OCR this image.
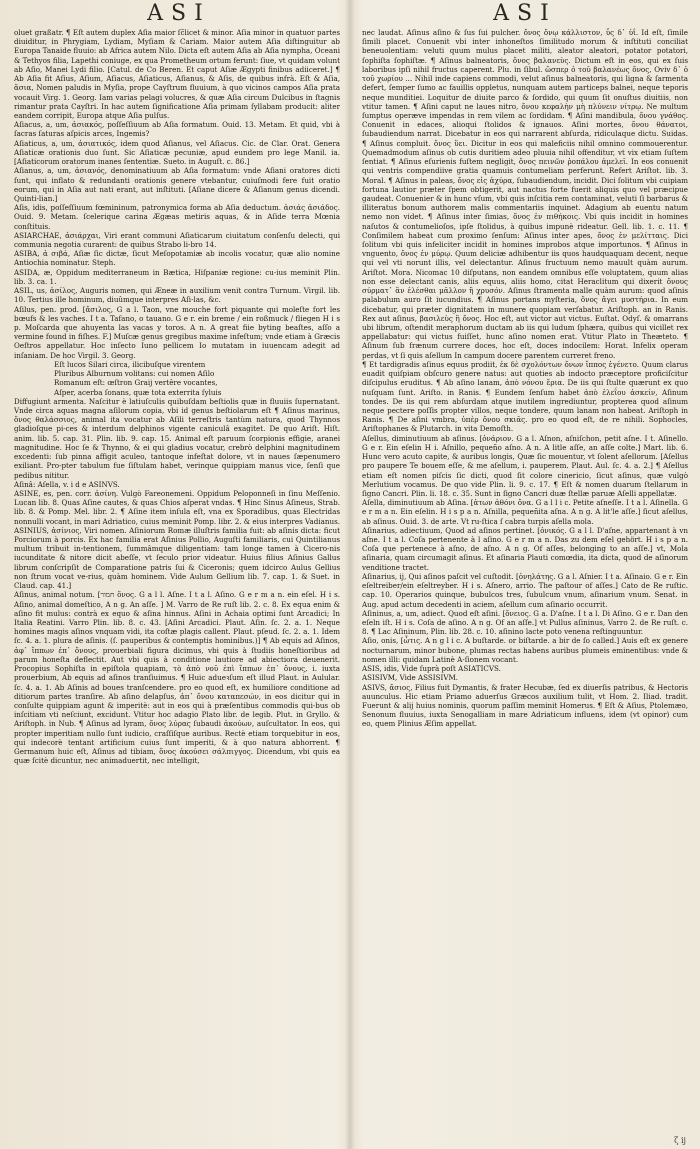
ASI	ASI

oluet graßatr. ¶ Eſt autem duplex Aſia maior ſc̃licet & minor. Aſia minor in quatuor partes diuiditur, in Phrygiam, Lydiam, Myſiam & Cariam. Maior autem Aſia diſtinguitur ab Europa Tanaide fluuio: ab Africa autem Nilo. Dicta eſt autem Aſia ab Aſia nympha, Oceani & Tethyos filia, Lapethi coniuge, ex qua Prometheum ortum ferunt: ſiue, vt quidam volunt ab Aſio, Manei Lydi filio. [Catul. de Co Beren. Et caput Aſiæ Ægypti finibus adiiceret.] ¶ Ab Aſia fit Aſius, Aſium, Aſiacus, Aſiaticus, Aſianus, & Aſis, de quibus infrà. Eſt & Aſia, ἄσια, Nomen paludis in Myſia, prope Cayſtrum fluuium, à quo vicinos campos Aſia prata vocauit Virg. 1. Georg. Iam varias pelagi volucres, & quæ Aſia circum Dulcibus in ſtagnis rimantur prata Cayſtri. In hac autem ſignificatione Aſia primam ſyllabam producit: aliter eandem corripit, Europa atque Aſia pulſus.

Aſiacus, a, um, ἀσιακός, poſſeſſiuum ab Aſia formatum. Ouid. 13. Metam. Et quid, vbi à ſacras ſaturas aſpicis arces, Ingemis?

Aſiaticus, a, um, ἀσιατικός, idem quod Aſianus, vel Aſiacus. Cic. de Clar. Orat. Genera Aſiaticæ orationis duo ſunt. Sic Aſiaticæ pecuniæ, apud eundem pro lege Manil. ia. [Aſiaticorum oratorum inanes ſententiæ. Sueto. in Auguſt. c. 86.]

Aſianus, a, um, ἀσιανός, denominatiuum ab Aſia formatum: vnde Aſiani oratores dicti ſunt, qui inflato & redundanti orationis genere vtebantur, cuiuſmodi fere fuit oratio eorum, qui in Aſia aut nati erant, aut inſtituti. [Aſiane dicere & Aſianum genus dicendi. Quinti-lian.]

Aſis, idis, poſſeſſiuum fœmininum, patronymica forma ab Aſia deductum. ἀσιάς ἀσιάδος. Ouid. 9. Metam. ſcelerique carina Ægæas metiris aquas, & in Aſide terra Mœnia conſtituis.

ASIARCHAE, ἀσιάρχαι, Viri erant communi Aſiaticarum ciuitatum conſenſu delecti, qui communia negotia curarent: de quibus Strabo li-bro 14.

ASIBA, ἀ σιβά, Aſiæ ſic dictæ, ſicut Meſopotamiæ ab incolis vocatur, quæ alio nomine Antiochia nominatur. Steph.

ASIDA, æ, Oppidum mediterraneum in Bætica, Hiſpaniæ regione: cu-ius meminit Plin. lib. 3. ca. 1.

ASIL, us, ἀσίλος, Auguris nomen, qui Æneæ in auxilium venit contra Turnum. Virgil. lib. 10. Tertius ille hominum, diuûmque interpres Aſi-las, &c.

Aſilus, pen. prod. [ἄσιλος, G a l. Taon, vne mouche fort piquante qui moleſte fort les bœufs & les vaches. I t a. Tafano, o tauano. G e r. ein breme / ein roßmuck / fliegen H i s p. Moſcarda que ahuyenta las vacas y toros. A n. A great fiie byting beaſtes, aſſo a vermine found in fiſhes. F.] Muſcæ genus gregibus maxime infeſtum; vnde etiam à Græcis Oeſtros appellatur. Hoc inſecto Iuno pellicem Io mutatam in iuuencam adegit ad inſaniam. De hoc Virgil. 3. Georg.

Eſt lucos Silari circa, ilicibuſque virentem

Pluribus Alburnum volitans: cui nomen Aſilo

Romanum eſt: œſtron Graij vertêre vocantes,

Aſper, acerba ſonans, quæ tota exterrita ſyluis

Diffugiunt armenta. Naſcitur è latiuſculis quibuſdam beſtiolis quæ in fluuiis ſupernatant. Vnde circa aquas magna aſilorum copia, vbi id genus beſtiolarum eſt ¶ Aſinus marinus, ὄνος θαλάσσιος, animal ita vocatur ab Aſili terreſtris tantùm natura, quod Thynnos gladioſque pi-ces & interdum delphinos vigente caniculâ exagitet. De quo Ariſt. Hiſt. anim. lib. 5. cap. 31. Plin. lib. 9. cap. 15. Animal eſt paruum ſcorpionis effigie, aranei magnitudine. Hoc ſe & Thynno, & ei qui gladius vocatur, crebrò delphini magnitudinem excedenti: ſub pinna affigit aculeo, tantoque infeſtat dolore, vt in naues ſæpenumero exiliant. Pro-pter tabulum fue ſiſtulam habet, verinque quippiam manus vice, ſenſi que pedibus nititur.

Aſinâ: Aſella, v. i d e ASINVS.

ASINE, es, pen. corr. ἀσίνη. Vulgò Fareonemeni. Oppidum Peloponneſi in ſinu Meſſenio. Lucan lib. 8. Quas Aſine cautes, & quas Chios aſperat vndas. ¶ Hinc Sinus Aſineus, Strab. lib. 8. & Pomp. Mel. libr. 2. ¶ Aſine item inſula eſt, vna ex Sporadibus, quas Electridas nonnulli vocant, in mari Adriatico, cuius meminit Pomp. libr. 2. & eius interpres Vadianus.

ASINIUS, ἀσίνιος, Viri nomen. Aſiniorum Romæ illuſtris familia fuit: ab aſinis dicta: ficut Porciorum à porcis. Ex hac familia erat Aſinius Pollio, Auguſti familiaris, cui Quintilianus multum tribuit in-tentionem, ſummâmque diligentiam: tam longe tamen à Cicero-nis iucunditate & nitore dicit abeſſe, vt ſeculo prior videatur. Huius filius Aſinius Gallus librum conſcripſit de Comparatione patris ſui & Ciceronis; quem idcirco Aulus Gellius non ſtrum vocat ve-rius, quàm hominem. Vide Aulum Gellium lib. 7. cap. 1. & Suet. in Claud. cap. 41.]

Aſinus, animal notum. [חמור ὄνος. G a l l. Aſne. I t a l. Aſino. G e r m a n. ein eſel. H i s. Aſino, animal domeſtico, A n g. An aſſe. ] M. Varro de Re ruſt lib. 2. c. 8. Ex equa enim & aſino fit mulus: contrà ex equo & aſina hinnus. Aſini in Achaia optimi ſunt Arcadici; In Italia Reatini. Varro Plin. lib. 8. c. 43. [Aſini Arcadici. Plaut. Aſin. ſc. 2. a. 1. Neque homines magis aſinos vnquam vidi, ita coſtæ plagis callent. Plaut. pſeud. ſc. 2. a. 1. Idem ſc. 4. a. 1. plura de aſinis. (ſ. pauperibus & contemptis hominibus.)] ¶ Ab equis ad Aſinos, ἀφ᾽ ἵππων ἐπ᾽ ὄνους, prouerbiali figura dicimus, vbi quis à ſtudiis honeſtioribus ad parum honeſta deflectit. Aut vbi quis à conditione lautiore ad abiectiora deuenerit. Procopius Sophiſta in epiſtola quapiam, τὸ ἀπὸ νοῦ ἐπὶ ἵππων ἐπ᾽ ὄνους, i. iuxta prouerbium, Ab equis ad aſinos tranſiuimus. ¶ Huic adueꝛſum eſt illud Plaut. in Aulular. ſc. 4. a. 1. Ab Aſinis ad boues tranſcendere. pro eo quod eſt, ex humiliore conditione ad ditiorum partes tranſire. Ab aſino delapſus, ἀπ᾽ ὄνου καταπεσών, in eos dicitur qui in conſulte quippiam agunt & imperitè: aut in eos qui à præſentibus commodis qui-bus ob inſcitiam vti neſciunt, excidunt. Vtitur hoc adagio Plato libr. de legib. Plut. in Gryllo. & Ariſtoph. in Nub. ¶ Aſinus ad lyram, ὄνος λύρας ſubaudi ἀκούων, auſcultator. In eos, qui propter imperitiam nullo ſunt iudicio, craſſiſque auribus. Rectè etiam torquebitur in eos, qui indecorè tentant artificium cuius ſunt imperiti, & à quo natura abhorrent. ¶ Germanum huic eſt, Aſinus ad tibiam, ὄνος ἀκούσει σάλπιγγος. Dicendum, vbi quis ea quæ ſcitè dicuntur, nec animaduertit, nec intelligit,

nec laudat. Aſinus aſino & ſus ſui pulcher. ὄνος ὄνῳ κάλλιστον, ὗς δ᾽ ὑΐ. Id eſt, ſimile ſimili placet. Conuenit vbi inter inhoneſtos ſimilitudo morum & inſtituti conciliat beneuolentiam: veluti quum mulus placet militi, aleator aleatori, potator potatori, ſophiſta ſophiſtæ. ¶ Aſinus balneatoris, ὄνος βαλανεὺς. Dictum eſt in eos, qui ex ſuis laboribus ipſi nihil fructus caperent. Plu. in ſibul. ὥσπερ ὁ τοῦ βαλανέως ὄνος, Oviv δ᾽ ὁ τοῦ χωρίου ... Nihil inde capiens commodi, velut aſinus balneatoris, qui ligna & ſarmenta defert, ſemper ſumo ac fauillis oppletus, nunquam autem particeps balnei, neque teporis neque munditiei. Loquitur de diuite parco & ſordido, qui quum ſit onuſtus diuitiis, non vtitur tamen. ¶ Aſini caput ne laues nitro, ὄνου κεφαλὴν μὴ πλύνειν νίτρῳ. Ne multum ſumptus operæve impendas in rem vilem ac ſordidam. ¶ Aſini mandibula, ὄνου γνάθος. Conuenit in edaces, alioqui ſtolidos & ignauos. Aſini mortes, ὄνου θάνατοι, ſubaudiendum narrat. Dicebatur in eos qui narrarent abſurda, ridiculaque dictu. Suidas. ¶ Aſinus compluit. ὄνος ὕει. Dicitur in eos qui maleficiis nihil omnino commouerentur. Quemadmodum aſinus ob cutis duritiem adeo pluuia nihil offenditur, vt vix etiam ſuſtem ſentiat. ¶ Aſinus eſurienis fuſtem negligit, ὄνος πεινῶν ῥοπάλου ἀμελεῖ. In eos conuenit qui ventris compendiive gratia quamuis contumeliam perferunt. Refert Ariſtot. lib. 3. Moral. ¶ Aſinus in paleas, ὄνος εἰς ἀχύρα, ſubaudiendum, incidit. Dici ſolitum vbi cuipiam fortuna lautior præter ſpem obtigerit, aut nactus forte fuerit aliquis quo vel præcipue gaudeat. Conuenier & in hunc vſum, vbi quis inſcitia rem contaminat, veluti ſi barbarus & illiteratus bonum authorem malis commentariis inquinet. Adagium ab euentu natum nemo non videt. ¶ Aſinus inter ſimias, ὄνος ἐν πιθήκοις. Vbi quis incidit in homines naſutos & contumelioſos, ipſe ſtolidus, à quibus impunè rideatur. Gell. lib. 1. c. 11. ¶ Conſimilem habeat cum proximo ſenſum: Aſinus inter apes, ὄνος ἐν μελίτταις. Dici ſolitum vbi quis infeliciter incidit in homines improbos atque importunos. ¶ Aſinus in vnguento, ὄνος ἐν μύρῳ. Quum deliciæ adhibentur iis quos haudquaquam decent, neque qui vel vti norunt illis, vel delectantur. Aſinus fructuum nemo mauult quàm aurum. Ariſtot. Mora. Nicomac 10 diſputans, non eandem omnibus eſſe voluptatem, quum alias non esse delectant canis, aliis equus, aliis homo, citat Heraclitum qui dixerit ὄνους σύρματ᾽ ἂν ἑλέσθαι μᾶλλον ἢ χρυσόν. Aſinus ſtramenta malle quàm aurum: quod aſinis palabulum auro ſit iucundius. ¶ Aſinus portans myſteria, ὄνος ἄγει μυστήρια. In eum dicebatur, qui præter dignitatem in munere quopiam verſabatur. Ariſtoph. an in Ranis. Rex aut aſinus, βασιλεὺς ἢ ὄνος. Hoc eſt, aut victor aut victus. Euſtat. Odyſ. & omarrans ubi librum, oſtendit meraphorum ductam ab iis qui ludum ſphæra, quibus qui vicillet rex appellabatur: qui victus fuiſſet, hunc aſino nomen erat. Vtitur Plato in Theæteto. ¶ Aſinum ſub frænum currere doces, hoc eſt, doces indocilem: Horat. Infelix operam perdas, vt ſi quis aſellum In campum docere parentem curreret freno.

¶ Et tardigradis aſinus equus prodiit, ἐκ δὲ σχολόντων ὄνων ἵππος ἐγένετο. Quum clarus euadit quiſpiam obſcuro genere natus: aut quoties ab indocto præceptore proficiſcitur diſcipulus eruditus. ¶ Ab aſino lanam, ἀπὸ νόνου ἔρια. De iis qui ſtulte quærunt ex quo nuſquam ſunt. Ariſto. in Ranis. ¶ Eundem ſenſum habet ἀπὸ ἐλεΐου ἀσκείν, Aſinum tondes. De iis qui rem abſurdam atque inutilem ingrediuntur, propterea quod aſinum neque pectere poſſis propter villos, neque tondere, quum lanam non habeat. Ariſtoph in Ranis. ¶ De aſini vmbra, ὑπὲρ ὄνου σκιᾶς. pro eo quod eſt, de re nihili. Sophocles, Ariſtophanes & Plutarch. in vita Demoſth.

Aſellus, diminutiuum ab aſinus. [ὀνάριον. G a l. Aſnon, aſniſchon, petit aſne. I t. Aſinello. G e r. Ein eſelin H i. Aſnillo, pequeño aſno. A n. A litle aſſe, an aſſe colte.] Mart. lib. 6. Hunc vero acuto capite, & auribus longis, Quæ ſic mouentur, vt ſolent aſellorum. [Aſellus pro paupere Te bouem eſſe, & me aſellum, i. pauperem. Plaut. Aul. ſc. 4. a. 2.] ¶ Aſellus etiam eſt nomen piſcis ſic dicti, quod ſit colore cinericio, ſicut aſinus, quæ vulgò Merlutium vocamus. De quo vide Plin. li. 9. c. 17. ¶ Eſt & nomen duarum ſtellarum in ſigno Cancri. Plin. li. 18. c. 35. Sunt in ſigno Cancri duæ ſtellæ paruæ Aſelli appellatæ.

Aſella, diminutiuum ab Aſina. [ἀτων ἀθόνι ὄνα. G a l l i c. Petite aſneſſe. I t a l. Aſinella. G e r m a n. Ein eſelin. H i s p a n. Aſnilla, pequeñita aſna. A n g. A lit'le aſſe.] ſicut aſellus, ab aſinus. Ouid. 3. de arte. Vt ru-ſtica ſ cabra turpis aſella mola.

Aſinarius, adiectiuum, Quod ad aſinos pertinet. [ὀνικός. G a l l. D'aſne, appartenant à vn aſne. I t a l. Coſa pertenente à l aſino. G e r m a n. Das zu dem eſel gehört. H i s p a n. Coſa que pertenece à aſno, de aſno. A n g. Of aſſes, belonging to an aſſe.] vt, Mola aſinaria, quam circumagit aſinus. Et aſinaria Plauti comœdia, ita dicta, quod de aſinorum venditione tractet.

Aſinarius, ij, Qui aſinos paſcit vel cuſtodit. [ὀνηλάτης. G a l. Aſnier. I t a. Aſinaio. G e r. Ein eſeltreiber/ein eſeltreyber. H i s. Aſnero, arrio. The paſtour of aſſes.] Cato de Re ruſtic. cap. 10. Operarios quinque, bubulcos tres, ſubulcum vnum, aſinarium vnum. Senat. in Aug. apud actum decedenti in aciem, aſellum cum aſinario occurrit.

Aſininus, a, um, adiect. Quod eſt aſini. [ὄνειος. G a. D'aſne. I t a l. Di Aſino. G e r. Dan den eſeln iſt. H i s. Coſa de aſino. A n g. Of an aſſe.] vt Pullus aſininus, Varro 2. de Re ruſt. c. 8. ¶ Lac Aſininum, Plin. lib. 28. c. 10. aſinino lacte poto venena reſtinguuntur.

Aſio, onis, [ὦτις. A n g l i c. A buſtarde. or biſtarde. a bir de ſo called.] Auis eſt ex genere nocturnarum, minor bubone, plumas rectas habens auribus plumeis eminentibus: vnde & nomen illi: quidam Latinè A-ſionem vocant.

ASIS, idis, Vide ſuprà poſt ASIATICVS.

ASISIVM, Vide ASSISIVM.

ASIVS, ἄσιος, Filius fuit Dymantis, & frater Hecubæ, ſed ex diuerſis patribus, & Hectoris auunculus. Hic etiam Priamo aduerſus Græcos auxilium tulit, vt Hom. 2. Iliad. tradit. Fuerunt & alij huius nominis, quorum paſſim meminit Homerus. ¶ Eſt & Aſius, Ptolemæo, Senonum fluuius, iuxta Senogalliam in mare Adriaticum influens, idem (vt opinor) cum eo, quem Plinius Æſim appellat.

ζ ij
